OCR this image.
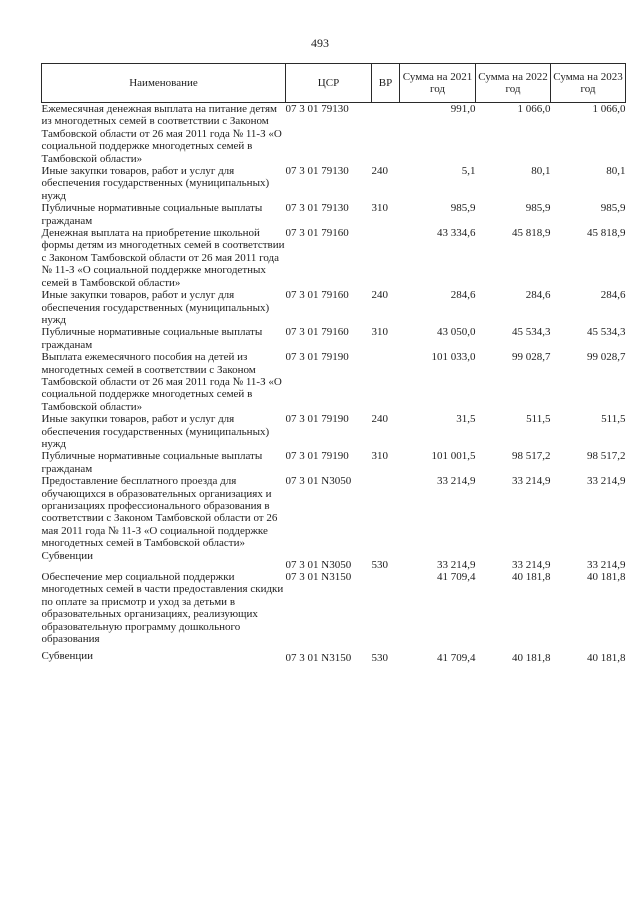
493
Наименование	ЦСР	ВР	Сумма на 2021 год	Сумма на 2022 год	Сумма на 2023 год
Ежемесячная денежная выплата на питание детям из многодетных семей в соответствии с Законом Тамбовской области от 26 мая 2011 года № 11-З «О социальной поддержке многодетных семей в Тамбовской области»	07 3 01 79130		991,0	1 066,0	1 066,0
Иные закупки товаров, работ и услуг для обеспечения государственных (муниципальных) нужд	07 3 01 79130	240	5,1	80,1	80,1
Публичные нормативные социальные выплаты гражданам	07 3 01 79130	310	985,9	985,9	985,9
Денежная выплата на приобретение школьной формы детям из многодетных семей в соответствии с Законом Тамбовской области от 26 мая 2011 года № 11-З «О социальной поддержке многодетных семей в Тамбовской области»	07 3 01 79160		43 334,6	45 818,9	45 818,9
Иные закупки товаров, работ и услуг для обеспечения государственных (муниципальных) нужд	07 3 01 79160	240	284,6	284,6	284,6
Публичные нормативные социальные выплаты гражданам	07 3 01 79160	310	43 050,0	45 534,3	45 534,3
Выплата ежемесячного пособия на детей из многодетных семей в соответствии с Законом Тамбовской области от 26 мая 2011 года № 11-З «О социальной поддержке многодетных семей в Тамбовской области»	07 3 01 79190		101 033,0	99 028,7	99 028,7
Иные закупки товаров, работ и услуг для обеспечения государственных (муниципальных) нужд	07 3 01 79190	240	31,5	511,5	511,5
Публичные нормативные социальные выплаты гражданам	07 3 01 79190	310	101 001,5	98 517,2	98 517,2
Предоставление бесплатного проезда для обучающихся в образовательных организациях и организациях профессионального образования в соответствии с Законом Тамбовской области от 26 мая 2011 года № 11-З «О социальной поддержке многодетных семей в Тамбовской области»	07 3 01 N3050		33 214,9	33 214,9	33 214,9
Субвенции	07 3 01 N3050	530	33 214,9	33 214,9	33 214,9
Обеспечение мер социальной поддержки многодетных семей в части предоставления скидки по оплате за присмотр и уход за детьми в образовательных организациях, реализующих образовательную программу дошкольного образования	07 3 01 N3150		41 709,4	40 181,8	40 181,8
Субвенции	07 3 01 N3150	530	41 709,4	40 181,8	40 181,8
